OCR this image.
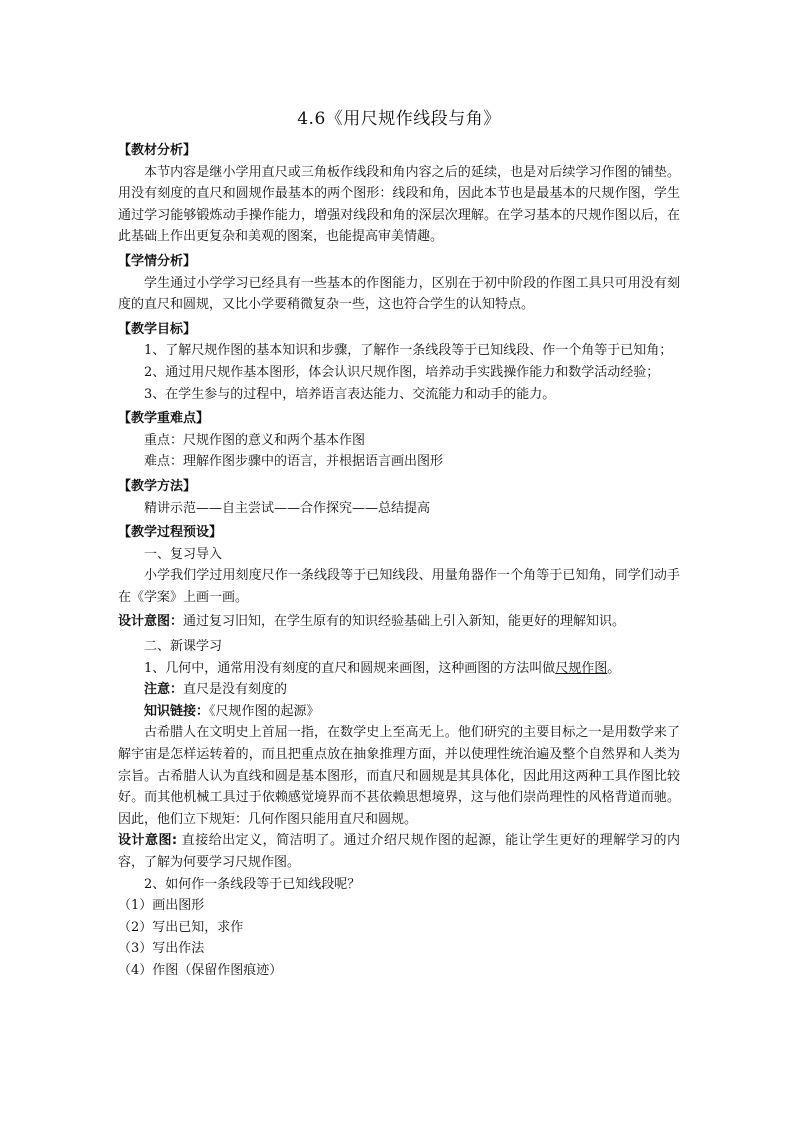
4.6《用尺规作线段与角》
【教材分析】

本节内容是继小学用直尺或三角板作线段和角内容之后的延续，也是对后续学习作图的铺垫。用没有刻度的直尺和圆规作最基本的两个图形：线段和角，因此本节也是最基本的尺规作图，学生通过学习能够锻炼动手操作能力，增强对线段和角的深层次理解。在学习基本的尺规作图以后，在此基础上作出更复杂和美观的图案，也能提高审美情趣。

【学情分析】

学生通过小学学习已经具有一些基本的作图能力，区别在于初中阶段的作图工具只可用没有刻度的直尺和圆规，又比小学要稍微复杂一些，这也符合学生的认知特点。

【教学目标】

1、了解尺规作图的基本知识和步骤，了解作一条线段等于已知线段、作一个角等于已知角；

2、通过用尺规作基本图形，体会认识尺规作图，培养动手实践操作能力和数学活动经验；

3、在学生参与的过程中，培养语言表达能力、交流能力和动手的能力。

【教学重难点】

重点：尺规作图的意义和两个基本作图

难点：理解作图步骤中的语言，并根据语言画出图形

【教学方法】

精讲示范——自主尝试——合作探究——总结提高

【教学过程预设】

一、复习导入

小学我们学过用刻度尺作一条线段等于已知线段、用量角器作一个角等于已知角，同学们动手在《学案》上画一画。

设计意图：通过复习旧知，在学生原有的知识经验基础上引入新知，能更好的理解知识。

二、新课学习

1、几何中，通常用没有刻度的直尺和圆规来画图，这种画图的方法叫做尺规作图。

注意：直尺是没有刻度的

知识链接：《尺规作图的起源》

古希腊人在文明史上首屈一指，在数学史上至高无上。他们研究的主要目标之一是用数学来了解宇宙是怎样运转着的，而且把重点放在抽象推理方面，并以使理性统治遍及整个自然界和人类为宗旨。古希腊人认为直线和圆是基本图形，而直尺和圆规是其具体化，因此用这两种工具作图比较好。而其他机械工具过于依赖感觉境界而不甚依赖思想境界，这与他们崇尚理性的风格背道而驰。因此，他们立下规矩：几何作图只能用直尺和圆规。

设计意图: 直接给出定义，简洁明了。通过介绍尺规作图的起源，能让学生更好的理解学习的内容，了解为何要学习尺规作图。

2、如何作一条线段等于已知线段呢？

（1）画出图形

（2）写出已知，求作

（3）写出作法

（4）作图（保留作图痕迹）
